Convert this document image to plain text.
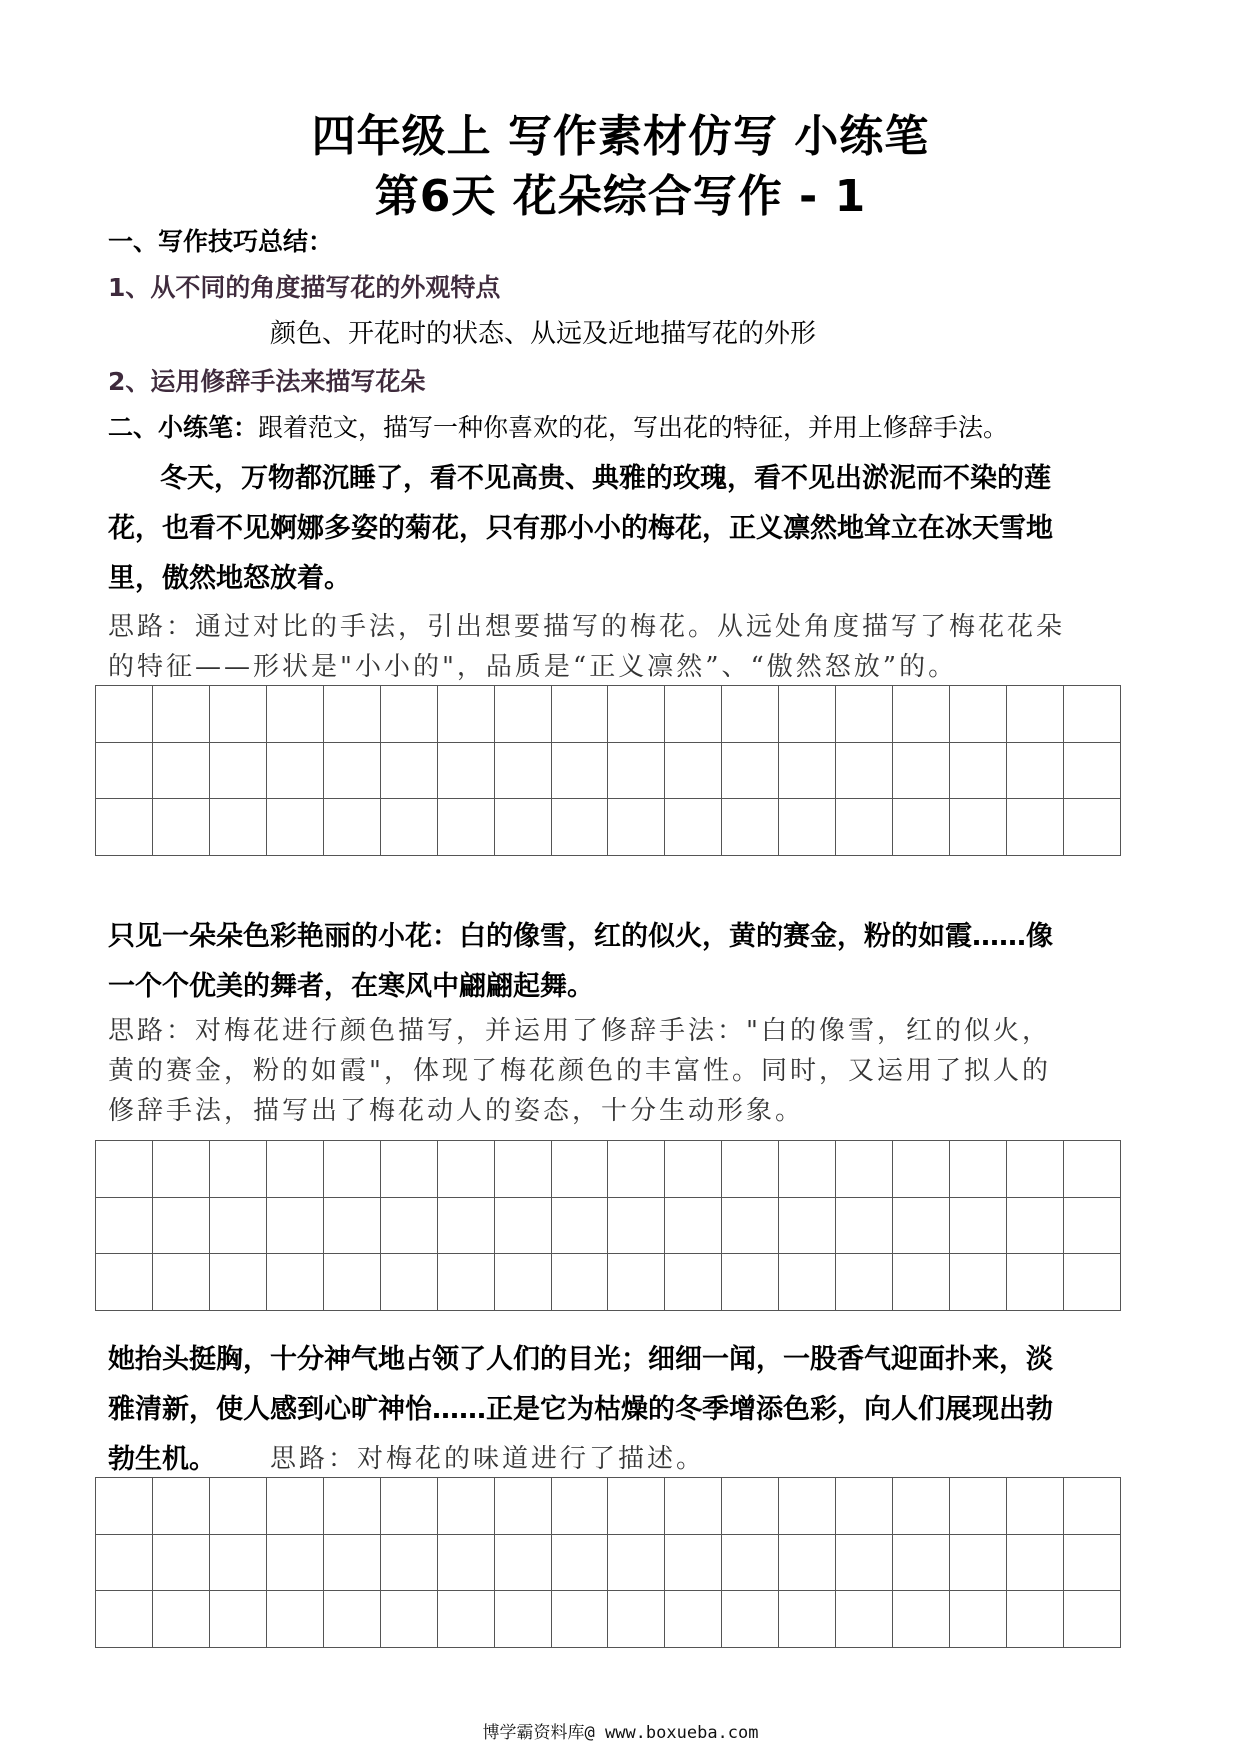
四年级上 写作素材仿写 小练笔
第6天 花朵综合写作 - 1
一、写作技巧总结：
1、从不同的角度描写花的外观特点
颜色、开花时的状态、从远及近地描写花的外形
2、运用修辞手法来描写花朵
二、小练笔：跟着范文，描写一种你喜欢的花，写出花的特征，并用上修辞手法。
冬天，万物都沉睡了，看不见高贵、典雅的玫瑰，看不见出淤泥而不染的莲
花，也看不见婀娜多姿的菊花，只有那小小的梅花，正义凛然地耸立在冰天雪地
里，傲然地怒放着。
思路：通过对比的手法，引出想要描写的梅花。从远处角度描写了梅花花朵
的特征——形状是"小小的"，品质是“正义凛然”、“傲然怒放”的。
只见一朵朵色彩艳丽的小花：白的像雪，红的似火，黄的赛金，粉的如霞……像
一个个优美的舞者，在寒风中翩翩起舞。
思路：对梅花进行颜色描写，并运用了修辞手法："白的像雪，红的似火，
黄的赛金，粉的如霞"，体现了梅花颜色的丰富性。同时，又运用了拟人的
修辞手法，描写出了梅花动人的姿态，十分生动形象。
她抬头挺胸，十分神气地占领了人们的目光；细细一闻，一股香气迎面扑来，淡
雅清新，使人感到心旷神怡……正是它为枯燥的冬季增添色彩，向人们展现出勃
勃生机。 思路：对梅花的味道进行了描述。
博学霸资料库@ www.boxueba.com
